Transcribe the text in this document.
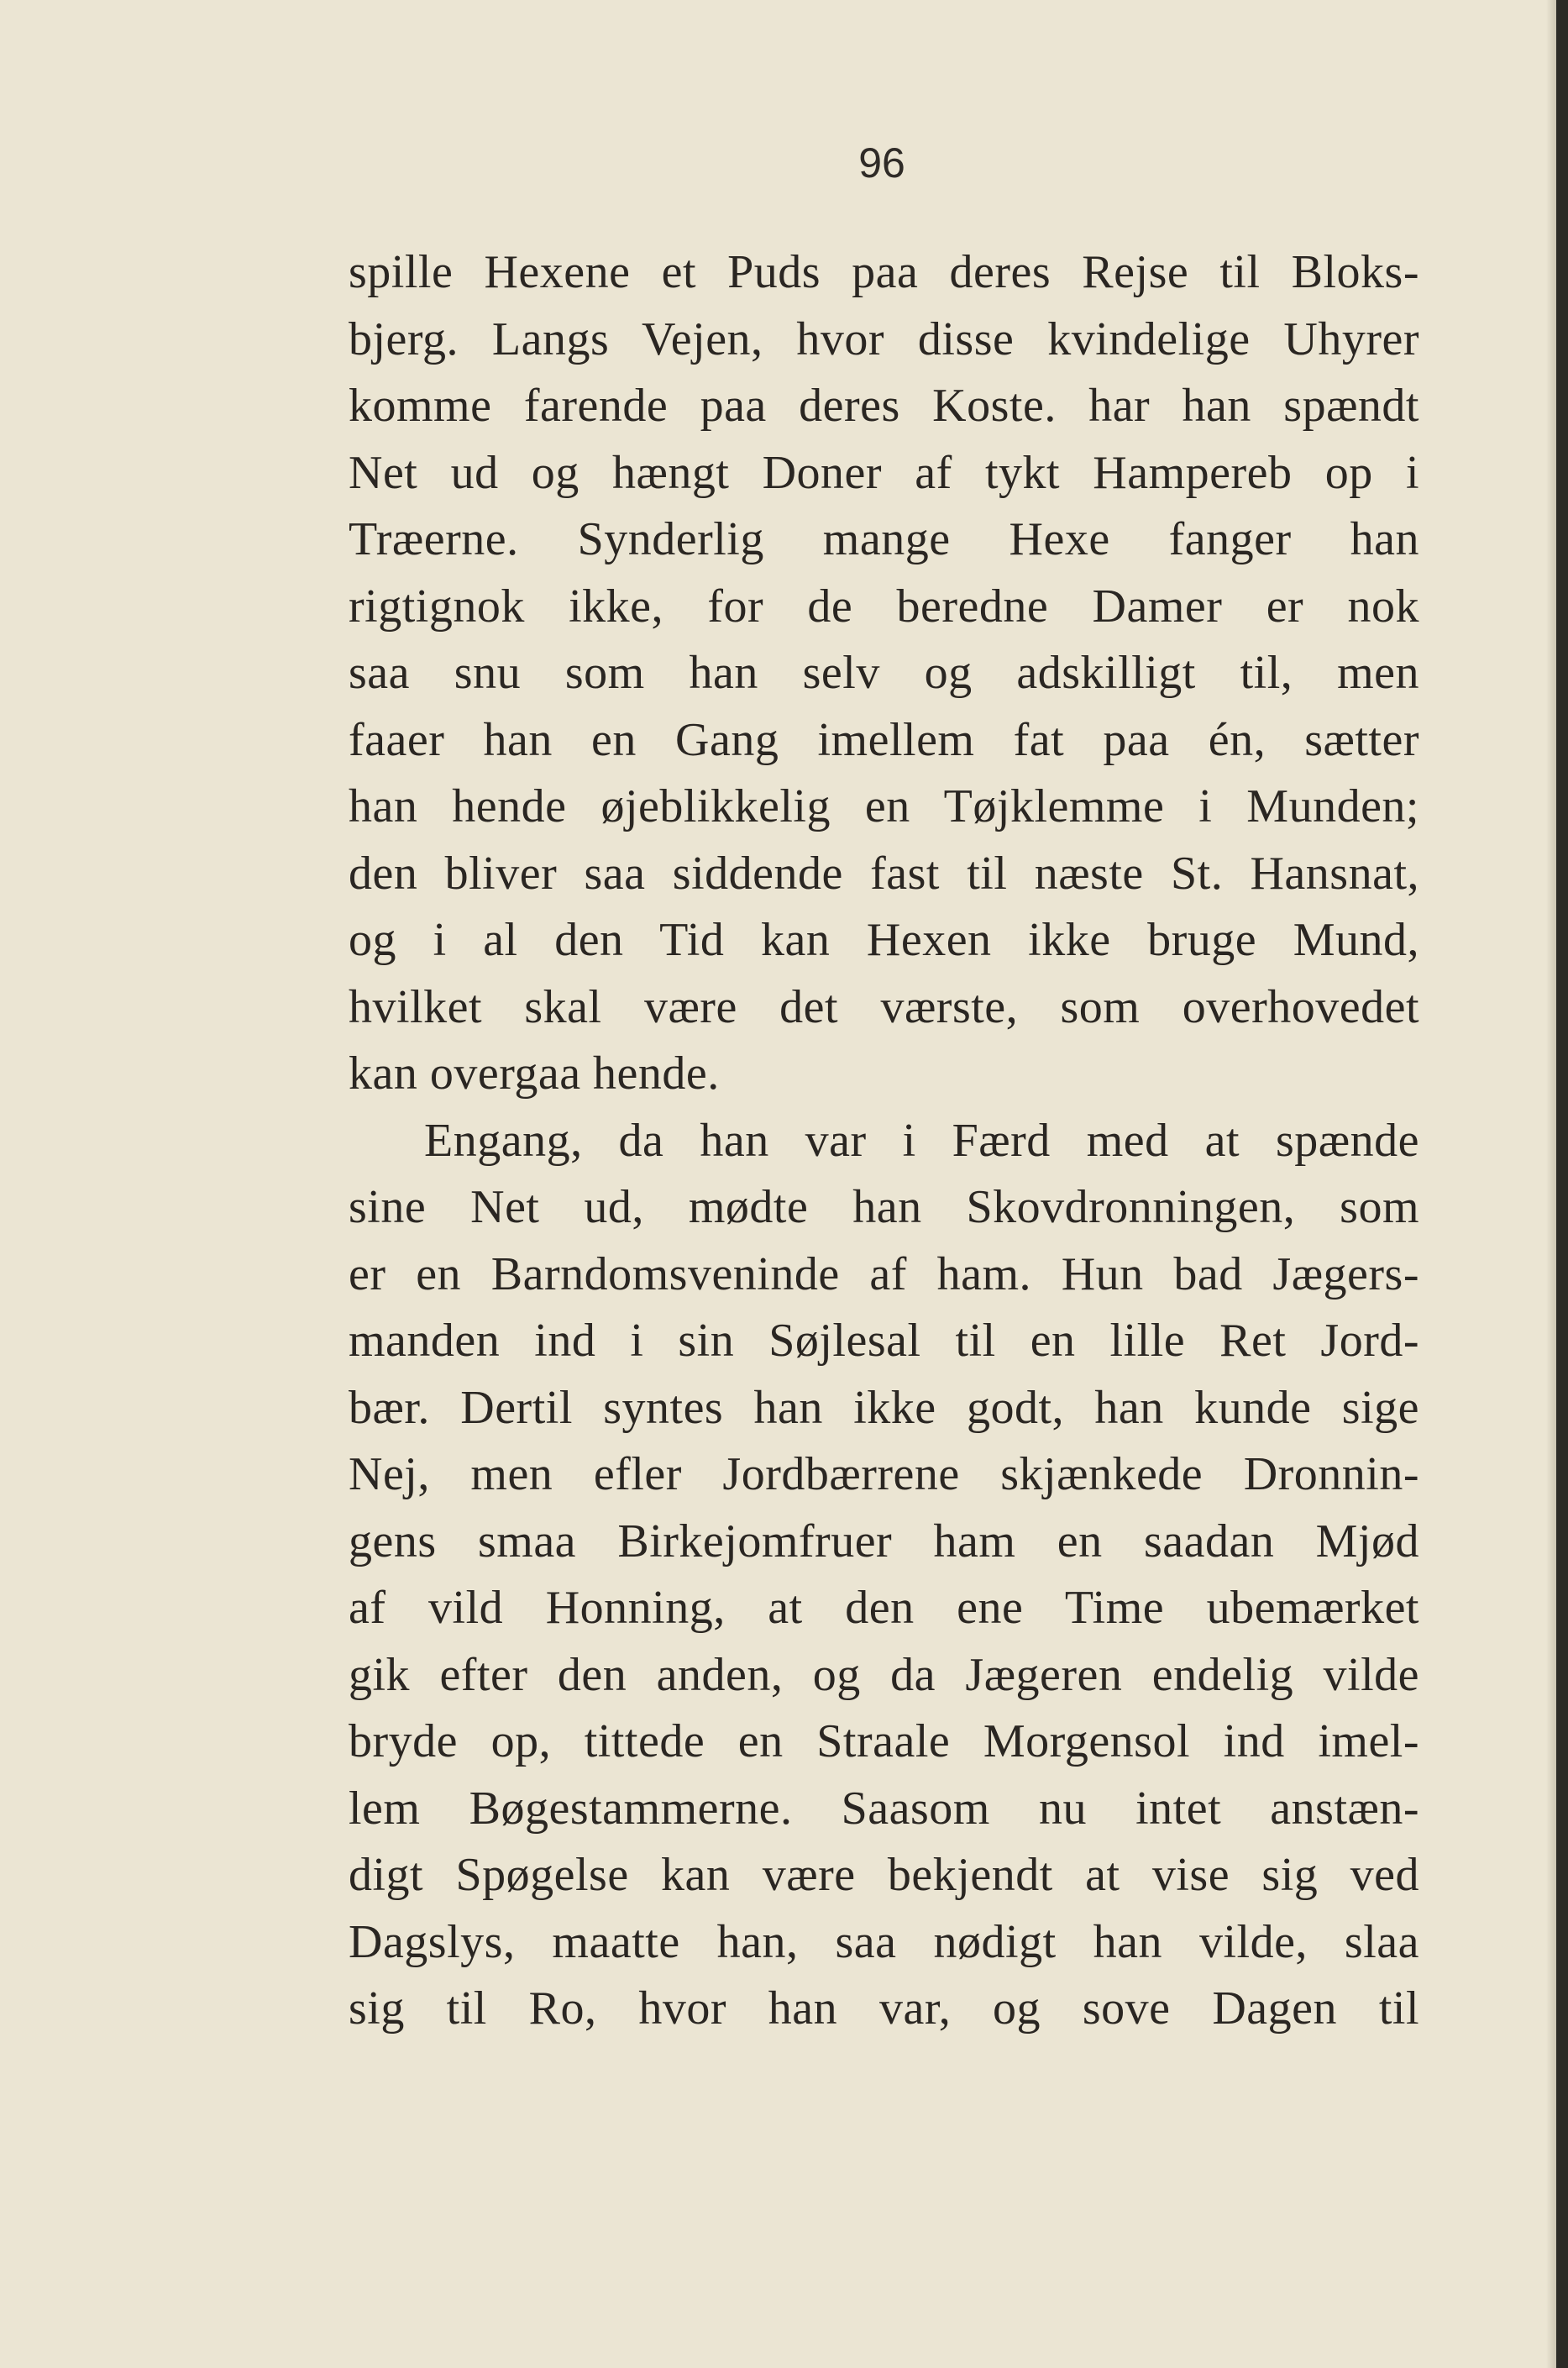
96
spille Hexene et Puds paa deres Rejse til Bloks-
bjerg. Langs Vejen, hvor disse kvindelige Uhyrer
komme farende paa deres Koste. har han spændt
Net ud og hængt Doner af tykt Hampereb op i
Træerne. Synderlig mange Hexe fanger han
rigtignok ikke, for de beredne Damer er nok
saa snu som han selv og adskilligt til, men
faaer han en Gang imellem fat paa én, sætter
han hende øjeblikkelig en Tøjklemme i Munden;
den bliver saa siddende fast til næste St. Hansnat,
og i al den Tid kan Hexen ikke bruge Mund,
hvilket skal være det værste, som overhovedet
kan overgaa hende.
Engang, da han var i Færd med at spænde
sine Net ud, mødte han Skovdronningen, som
er en Barndomsveninde af ham. Hun bad Jægers-
manden ind i sin Søjlesal til en lille Ret Jord-
bær. Dertil syntes han ikke godt, han kunde sige
Nej, men efler Jordbærrene skjænkede Dronnin-
gens smaa Birkejomfruer ham en saadan Mjød
af vild Honning, at den ene Time ubemærket
gik efter den anden, og da Jægeren endelig vilde
bryde op, tittede en Straale Morgensol ind imel-
lem Bøgestammerne. Saasom nu intet anstæn-
digt Spøgelse kan være bekjendt at vise sig ved
Dagslys, maatte han, saa nødigt han vilde, slaa
sig til Ro, hvor han var, og sove Dagen til
